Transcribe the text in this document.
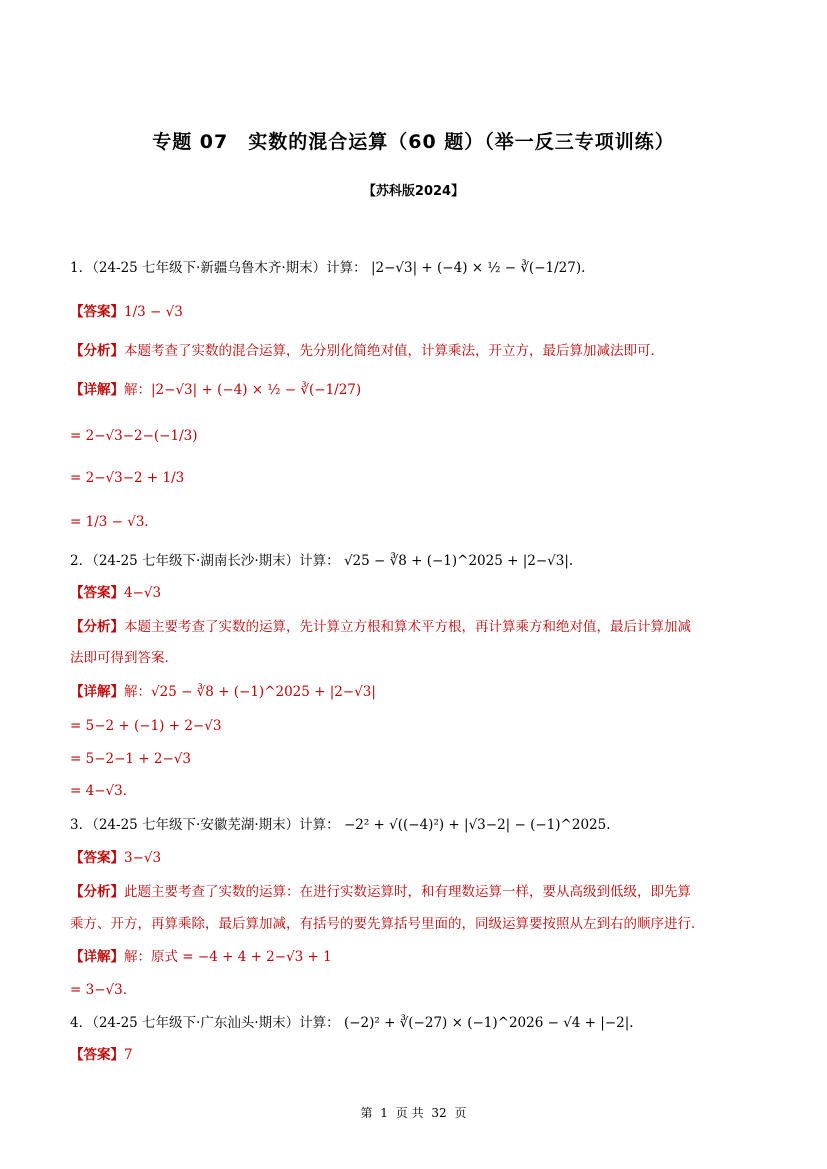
专题 07　实数的混合运算（60 题）（举一反三专项训练）
【苏科版2024】
1．（24-25 七年级下·新疆乌鲁木齐·期末）计算： |2−√3| + (−4) × ½ − ∛(−1/27).
【答案】1/3 − √3
【分析】本题考查了实数的混合运算，先分别化简绝对值，计算乘法，开立方，最后算加减法即可．
【详解】解：|2−√3| + (−4) × ½ − ∛(−1/27)
= 2−√3−2−(−1/3)
= 2−√3−2 + 1/3
= 1/3 − √3．
2．（24-25 七年级下·湖南长沙·期末）计算： √25 − ∛8 + (−1)^2025 + |2−√3|.
【答案】4−√3
【分析】本题主要考查了实数的运算，先计算立方根和算术平方根，再计算乘方和绝对值，最后计算加减
法即可得到答案．
【详解】解：√25 − ∛8 + (−1)^2025 + |2−√3|
= 5−2 + (−1) + 2−√3
= 5−2−1 + 2−√3
= 4−√3．
3．（24-25 七年级下·安徽芜湖·期末）计算： −2² + √((−4)²) + |√3−2| − (−1)^2025.
【答案】3−√3
【分析】此题主要考查了实数的运算：在进行实数运算时，和有理数运算一样，要从高级到低级，即先算
乘方、开方，再算乘除，最后算加减，有括号的要先算括号里面的，同级运算要按照从左到右的顺序进行．
【详解】解：原式 = −4 + 4 + 2−√3 + 1
= 3−√3．
4．（24-25 七年级下·广东汕头·期末）计算： (−2)² + ∛(−27) × (−1)^2026 − √4 + |−2|.
【答案】7
第 1 页 共 32 页
